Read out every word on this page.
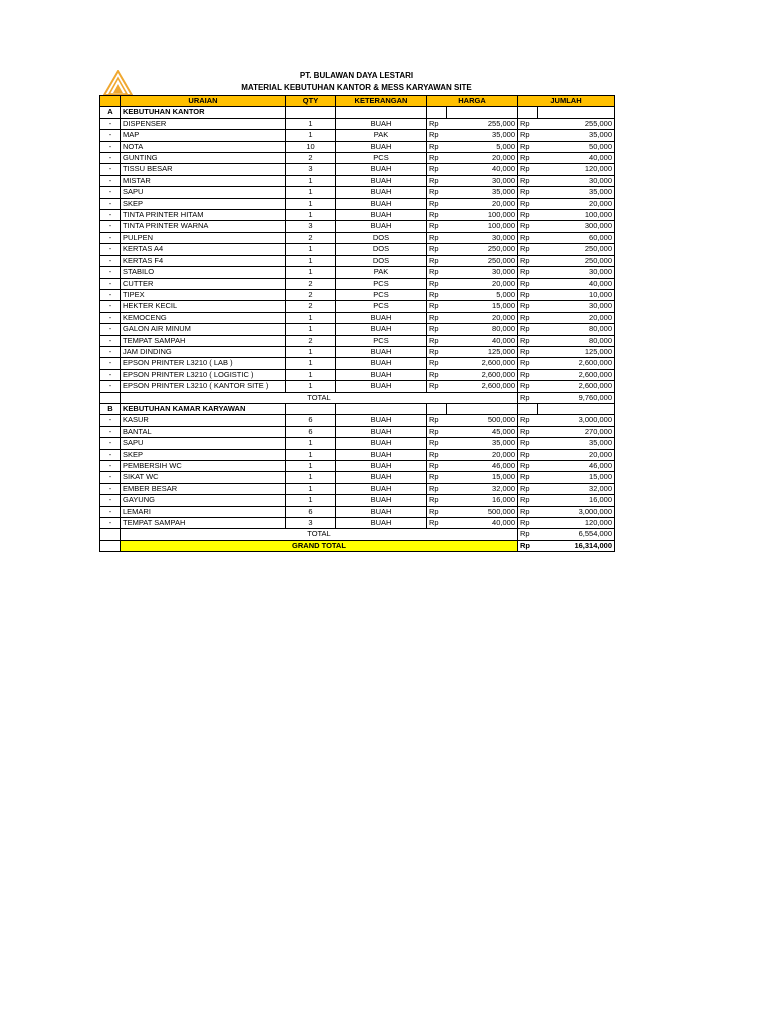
PT. BULAWAN DAYA LESTARI
MATERIAL KEBUTUHAN KANTOR & MESS KARYAWAN SITE
	URAIAN	QTY	KETERANGAN	HARGA		JUMLAH	
A	KEBUTUHAN KANTOR						
-	DISPENSER	1	BUAH	Rp	255,000	Rp	255,000
-	MAP	1	PAK	Rp	35,000	Rp	35,000
-	NOTA	10	BUAH	Rp	5,000	Rp	50,000
-	GUNTING	2	PCS	Rp	20,000	Rp	40,000
-	TISSU BESAR	3	BUAH	Rp	40,000	Rp	120,000
-	MISTAR	1	BUAH	Rp	30,000	Rp	30,000
-	SAPU	1	BUAH	Rp	35,000	Rp	35,000
-	SKEP	1	BUAH	Rp	20,000	Rp	20,000
-	TINTA PRINTER HITAM	1	BUAH	Rp	100,000	Rp	100,000
-	TINTA PRINTER WARNA	3	BUAH	Rp	100,000	Rp	300,000
-	PULPEN	2	DOS	Rp	30,000	Rp	60,000
-	KERTAS A4	1	DOS	Rp	250,000	Rp	250,000
-	KERTAS F4	1	DOS	Rp	250,000	Rp	250,000
-	STABILO	1	PAK	Rp	30,000	Rp	30,000
-	CUTTER	2	PCS	Rp	20,000	Rp	40,000
-	TIPEX	2	PCS	Rp	5,000	Rp	10,000
-	HEKTER KECIL	2	PCS	Rp	15,000	Rp	30,000
-	KEMOCENG	1	BUAH	Rp	20,000	Rp	20,000
-	GALON AIR MINUM	1	BUAH	Rp	80,000	Rp	80,000
-	TEMPAT SAMPAH	2	PCS	Rp	40,000	Rp	80,000
-	JAM DINDING	1	BUAH	Rp	125,000	Rp	125,000
-	EPSON PRINTER L3210 ( LAB )	1	BUAH	Rp	2,600,000	Rp	2,600,000
-	EPSON PRINTER L3210 ( LOGISTIC )	1	BUAH	Rp	2,600,000	Rp	2,600,000
-	EPSON PRINTER L3210 ( KANTOR SITE )	1	BUAH	Rp	2,600,000	Rp	2,600,000
	TOTAL					Rp	9,760,000
B	KEBUTUHAN KAMAR KARYAWAN						
-	KASUR	6	BUAH	Rp	500,000	Rp	3,000,000
-	BANTAL	6	BUAH	Rp	45,000	Rp	270,000
-	SAPU	1	BUAH	Rp	35,000	Rp	35,000
-	SKEP	1	BUAH	Rp	20,000	Rp	20,000
-	PEMBERSIH WC	1	BUAH	Rp	46,000	Rp	46,000
-	SIKAT WC	1	BUAH	Rp	15,000	Rp	15,000
-	EMBER BESAR	1	BUAH	Rp	32,000	Rp	32,000
-	GAYUNG	1	BUAH	Rp	16,000	Rp	16,000
-	LEMARI	6	BUAH	Rp	500,000	Rp	3,000,000
-	TEMPAT SAMPAH	3	BUAH	Rp	40,000	Rp	120,000
	TOTAL					Rp	6,554,000
	GRAND TOTAL					Rp	16,314,000
